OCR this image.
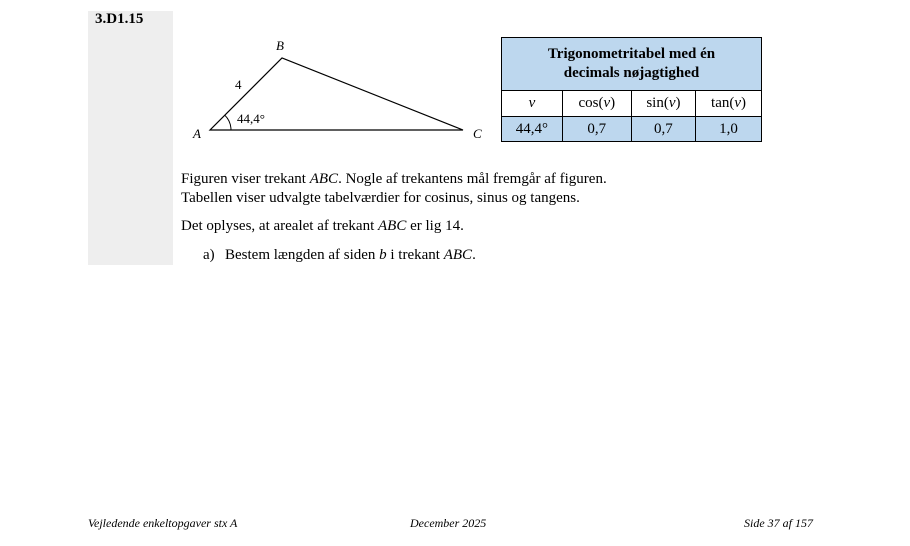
3.D1.15
A
B
C
4
44,4°
Trigonometritabel med én
decimals nøjagtighed			
v	cos(v)	sin(v)	tan(v)
44,4°	0,7	0,7	1,0
Figuren viser trekant ABC. Nogle af trekantens mål fremgår af figuren.
Tabellen viser udvalgte tabelværdier for cosinus, sinus og tangens.
Det oplyses, at arealet af trekant ABC er lig 14.
a) Bestem længden af siden b i trekant ABC.
Vejledende enkeltopgaver stx A	December 2025	Side 37 af 157
